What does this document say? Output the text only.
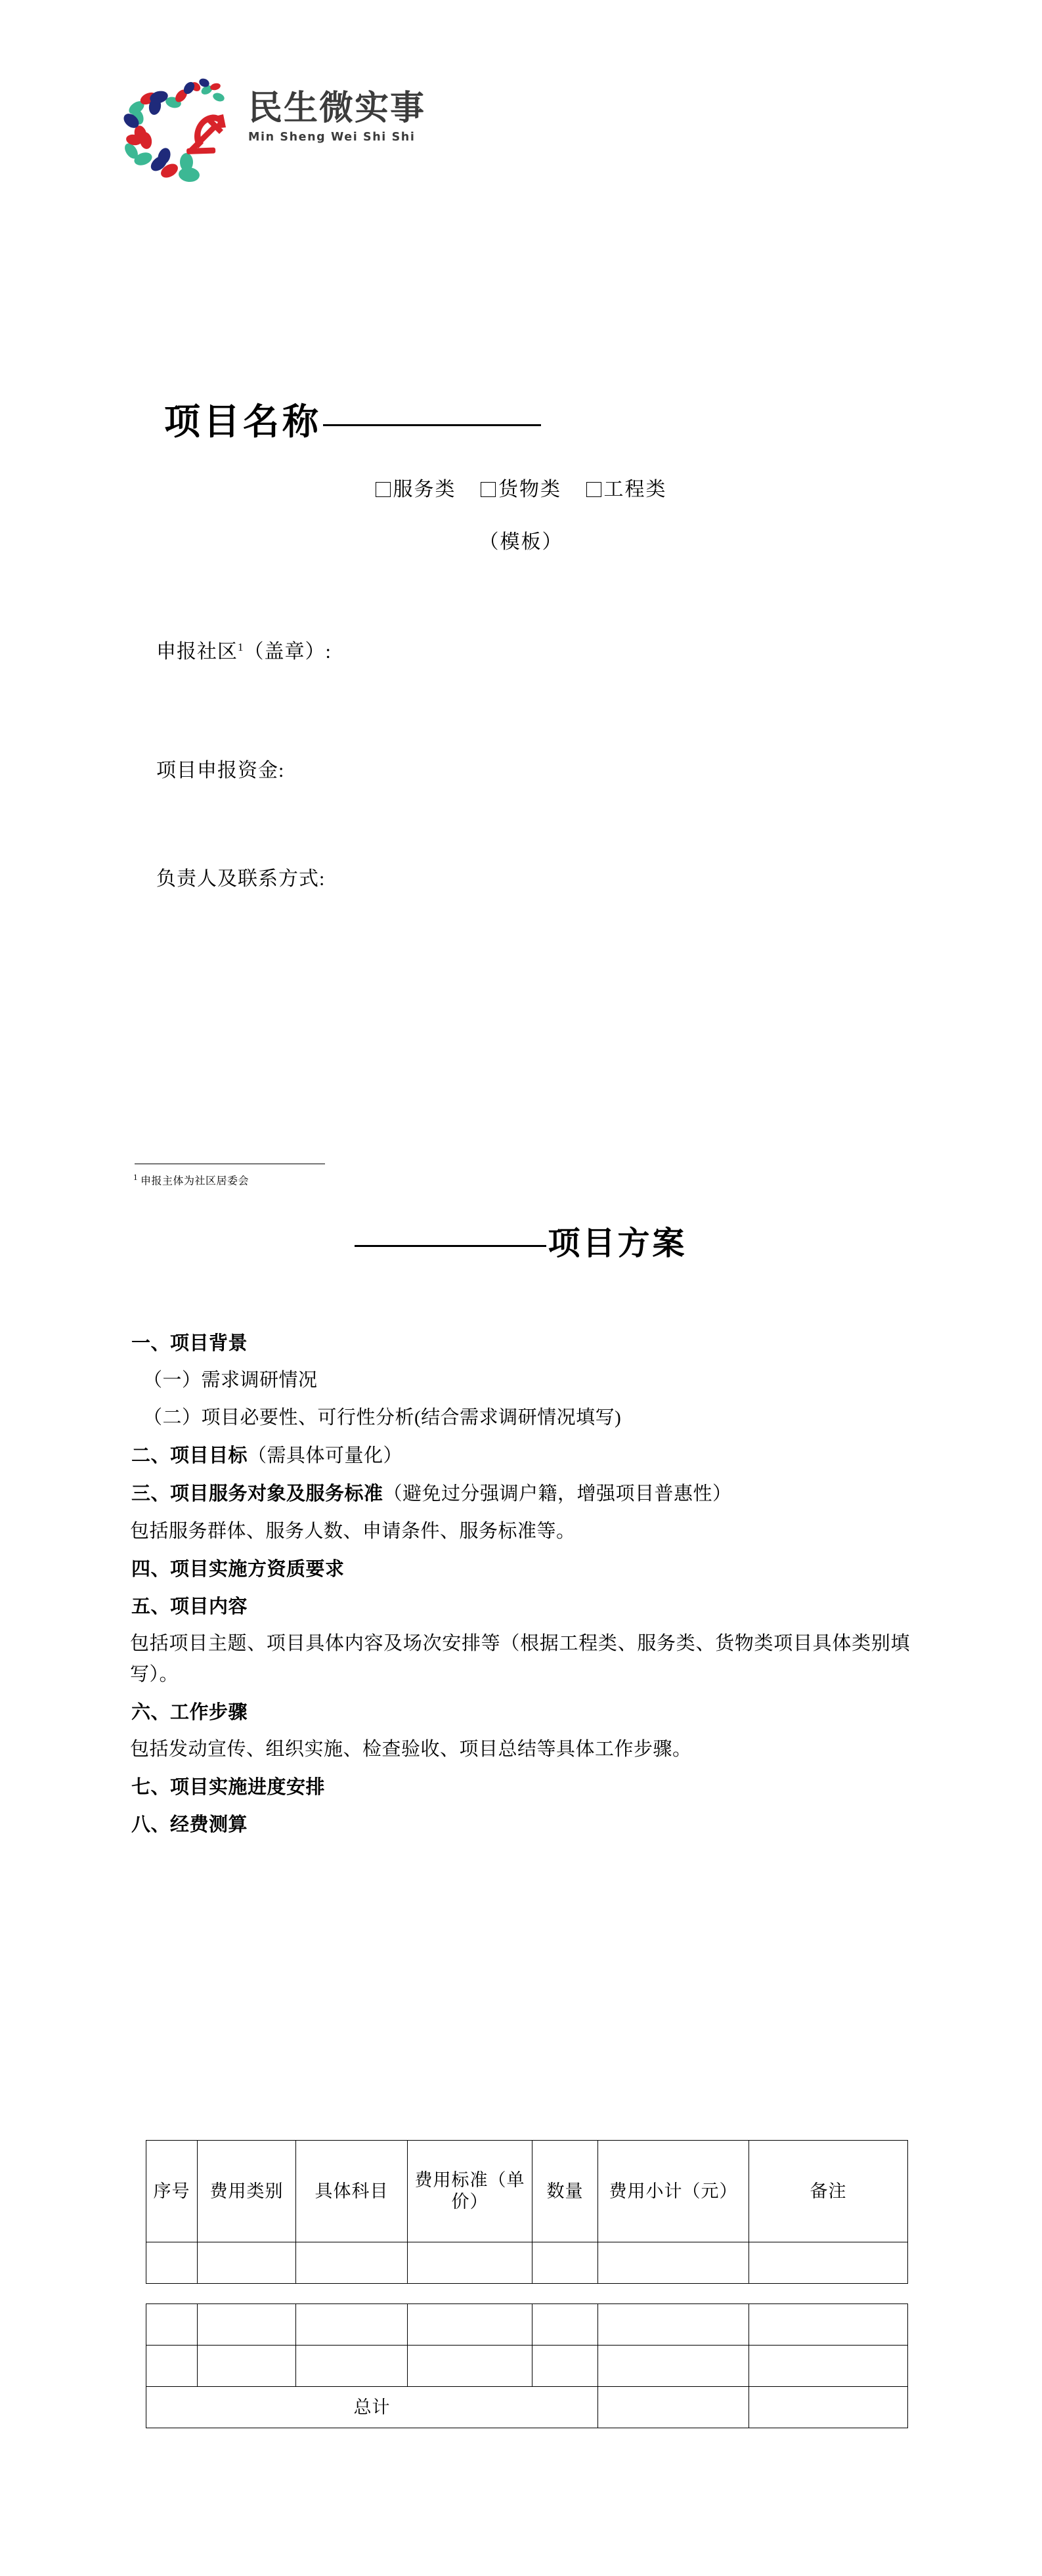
民生微实事
Min Sheng Wei Shi Shi
项目名称
服务类 货物类 工程类
（模板）
申报社区$^1$（盖章）:
项目申报资金:
负责人及联系方式:
$^1$ 申报主体为社区居委会
项目方案

一、项目背景

（一）需求调研情况

（二）项目必要性、可行性分析(结合需求调研情况填写)

二、项目目标（需具体可量化）

三、项目服务对象及服务标准（避免过分强调户籍，增强项目普惠性）

包括服务群体、服务人数、申请条件、服务标准等。

四、项目实施方资质要求

五、项目内容

包括项目主题、项目具体内容及场次安排等（根据工程类、服务类、货物类项目具体类别填写）。

六、工作步骤

包括发动宣传、组织实施、检查验收、项目总结等具体工作步骤。

七、项目实施进度安排

八、经费测算

序号	费用类别	具体科目	费用标准（单价）	数量	费用小计（元）	备注

总计						
